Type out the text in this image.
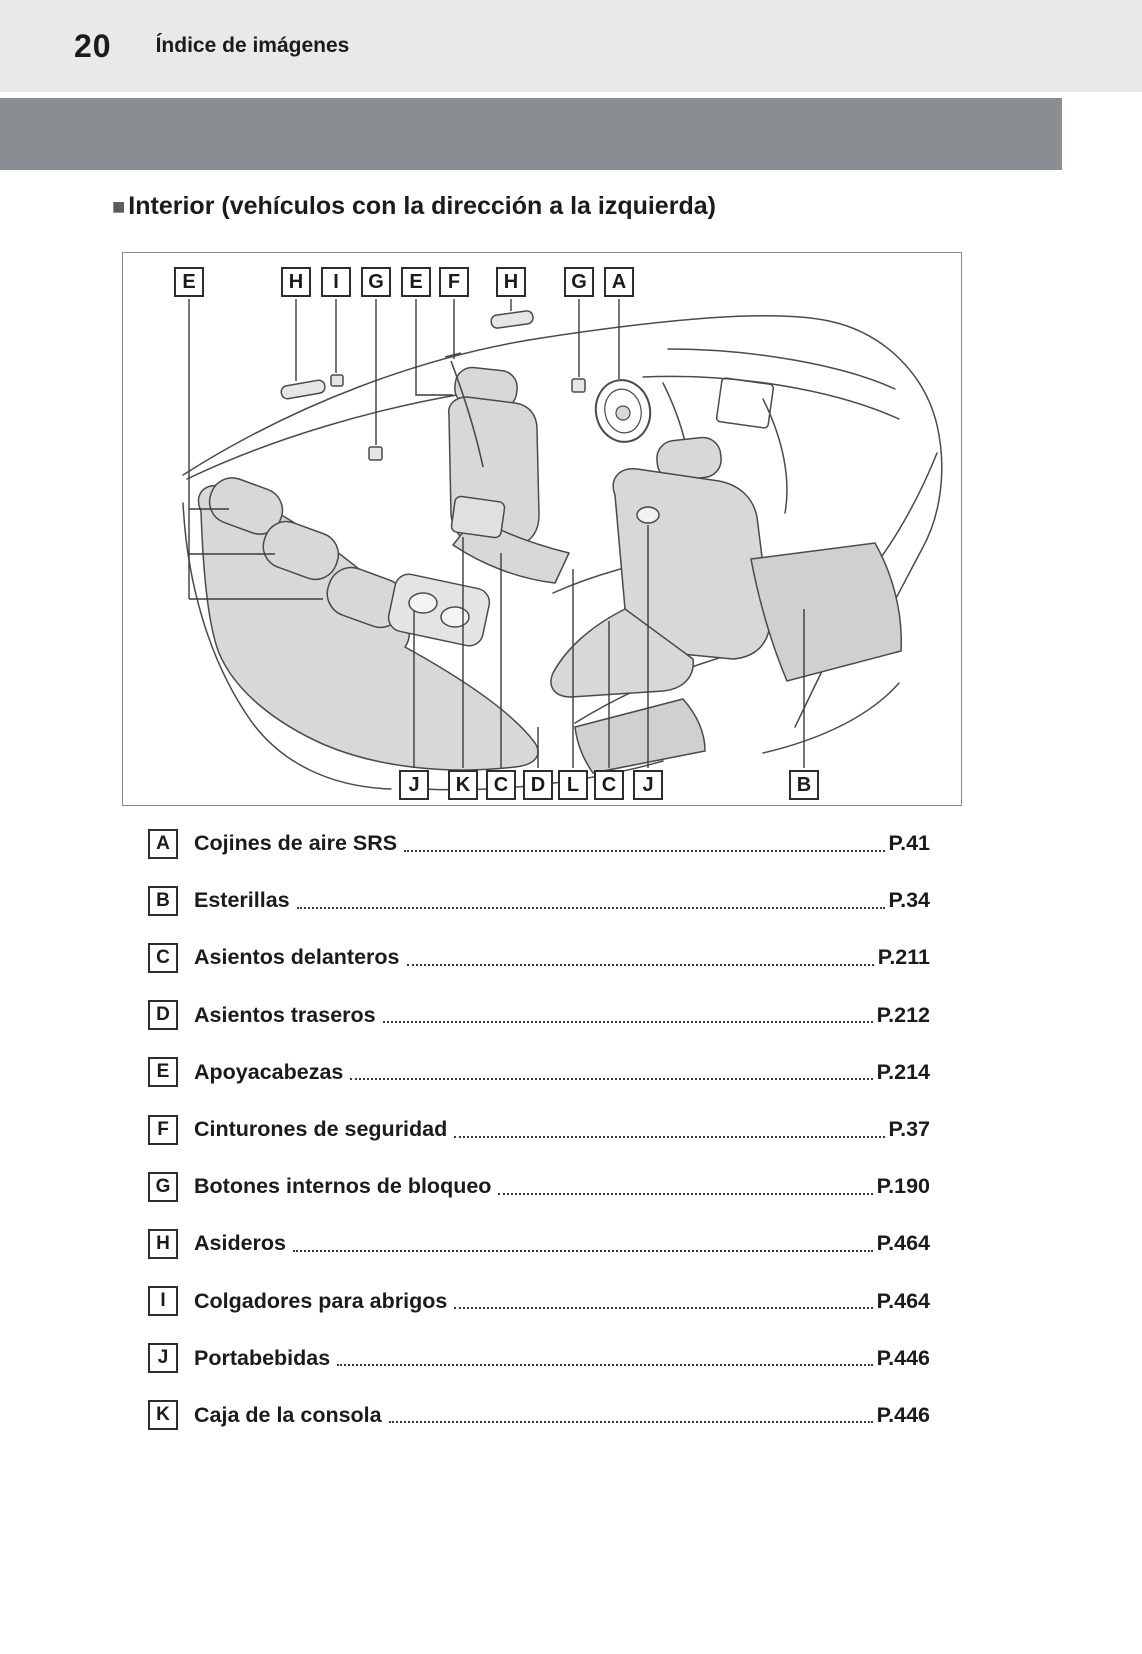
20 Índice de imágenes
■ Interior (vehículos con la dirección a la izquierda)
E	H	I	G	E	F	H	G	A
J	K	C	D	L	C	J	B
A	Cojines de aire SRS	P.41
B	Esterillas	P.34
C	Asientos delanteros	P.211
D	Asientos traseros	P.212
E	Apoyacabezas	P.214
F	Cinturones de seguridad	P.37
G	Botones internos de bloqueo	P.190
H	Asideros	P.464
I	Colgadores para abrigos	P.464
J	Portabebidas	P.446
K	Caja de la consola	P.446
